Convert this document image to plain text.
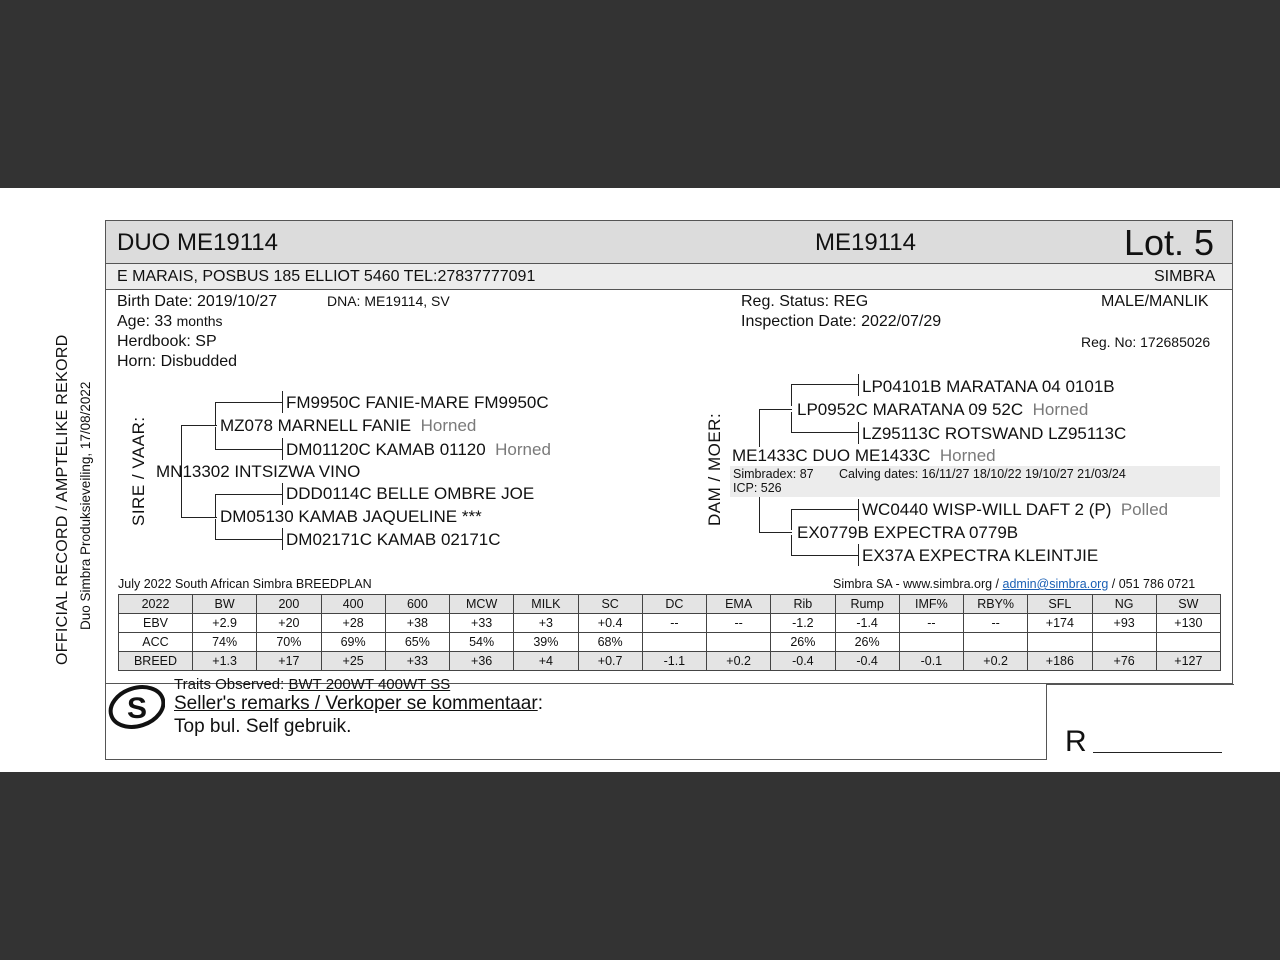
OFFICIAL RECORD / AMPTELIKE REKORD Duo Simbra Produksieveiling, 17/08/2022
DUO ME19114	ME19114	Lot. 5
E MARAIS, POSBUS 185 ELLIOT 5460 TEL:27837777091	SIMBRA
Birth Date: 2019/10/27	DNA: ME19114, SV
Age: 33 months
Herdbook: SP
Horn: Disbudded
Reg. Status: REG
Inspection Date: 2022/07/29
MALE/MANLIK
Reg. No: 172685026
SIRE / VAAR:
FM9950C FANIE-MARE FM9950C
MZ078 MARNELL FANIE Horned
DM01120C KAMAB 01120 Horned
MN13302 INTSIZWA VINO
DDD0114C BELLE OMBRE JOE
DM05130 KAMAB JAQUELINE ***
DM02171C KAMAB 02171C
DAM / MOER:
LP04101B MARATANA 04 0101B
LP0952C MARATANA 09 52C Horned
LZ95113C ROTSWAND LZ95113C
ME1433C DUO ME1433C Horned
Simbradex: 87 Calving dates: 16/11/27 18/10/22 19/10/27 21/03/24
ICP: 526
WC0440 WISP-WILL DAFT 2 (P) Polled
EX0779B EXPECTRA 0779B
EX37A EXPECTRA KLEINTJIE
July 2022 South African Simbra BREEDPLAN	Simbra SA - www.simbra.org / admin@simbra.org / 051 786 0721
2022	BW	200	400	600	MCW	MILK	SC	DC	EMA	Rib	Rump	IMF%	RBY%	SFL	NG	SW
EBV	+2.9	+20	+28	+38	+33	+3	+0.4	--	--	-1.2	-1.4	--	--	+174	+93	+130
ACC	74%	70%	69%	65%	54%	39%	68%			26%	26%					
BREED	+1.3	+17	+25	+33	+36	+4	+0.7	-1.1	+0.2	-0.4	-0.4	-0.1	+0.2	+186	+76	+127
S
Traits Observed: BWT 200WT 400WT SS
Seller's remarks / Verkoper se kommentaar:
Top bul. Self gebruik.	R
